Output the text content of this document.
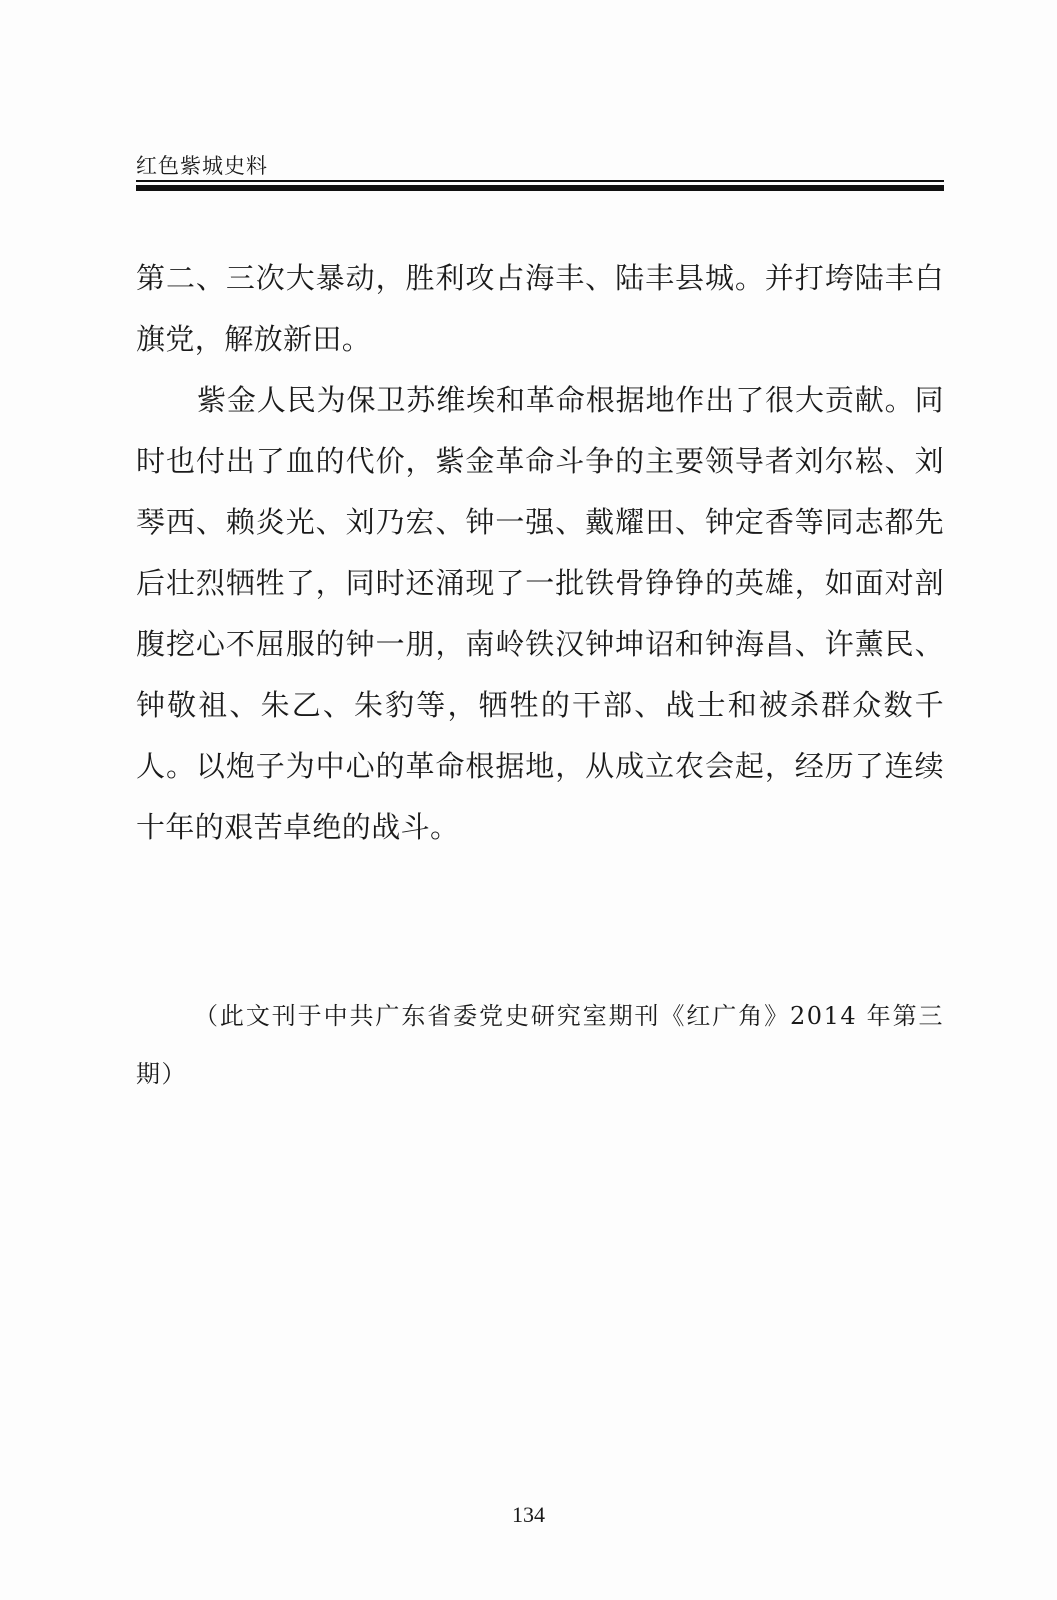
红色紫城史料

第二、三次大暴动，胜利攻占海丰、陆丰县城。并打垮陆丰白旗党，解放新田。

紫金人民为保卫苏维埃和革命根据地作出了很大贡献。同时也付出了血的代价，紫金革命斗争的主要领导者刘尔崧、刘琴西、赖炎光、刘乃宏、钟一强、戴耀田、钟定香等同志都先后壮烈牺牲了，同时还涌现了一批铁骨铮铮的英雄，如面对剖腹挖心不屈服的钟一朋，南岭铁汉钟坤诏和钟海昌、许薰民、钟敬祖、朱乙、朱豹等，牺牲的干部、战士和被杀群众数千人。以炮子为中心的革命根据地，从成立农会起，经历了连续十年的艰苦卓绝的战斗。

（此文刊于中共广东省委党史研究室期刊《红广角》2014 年第三期）

134
